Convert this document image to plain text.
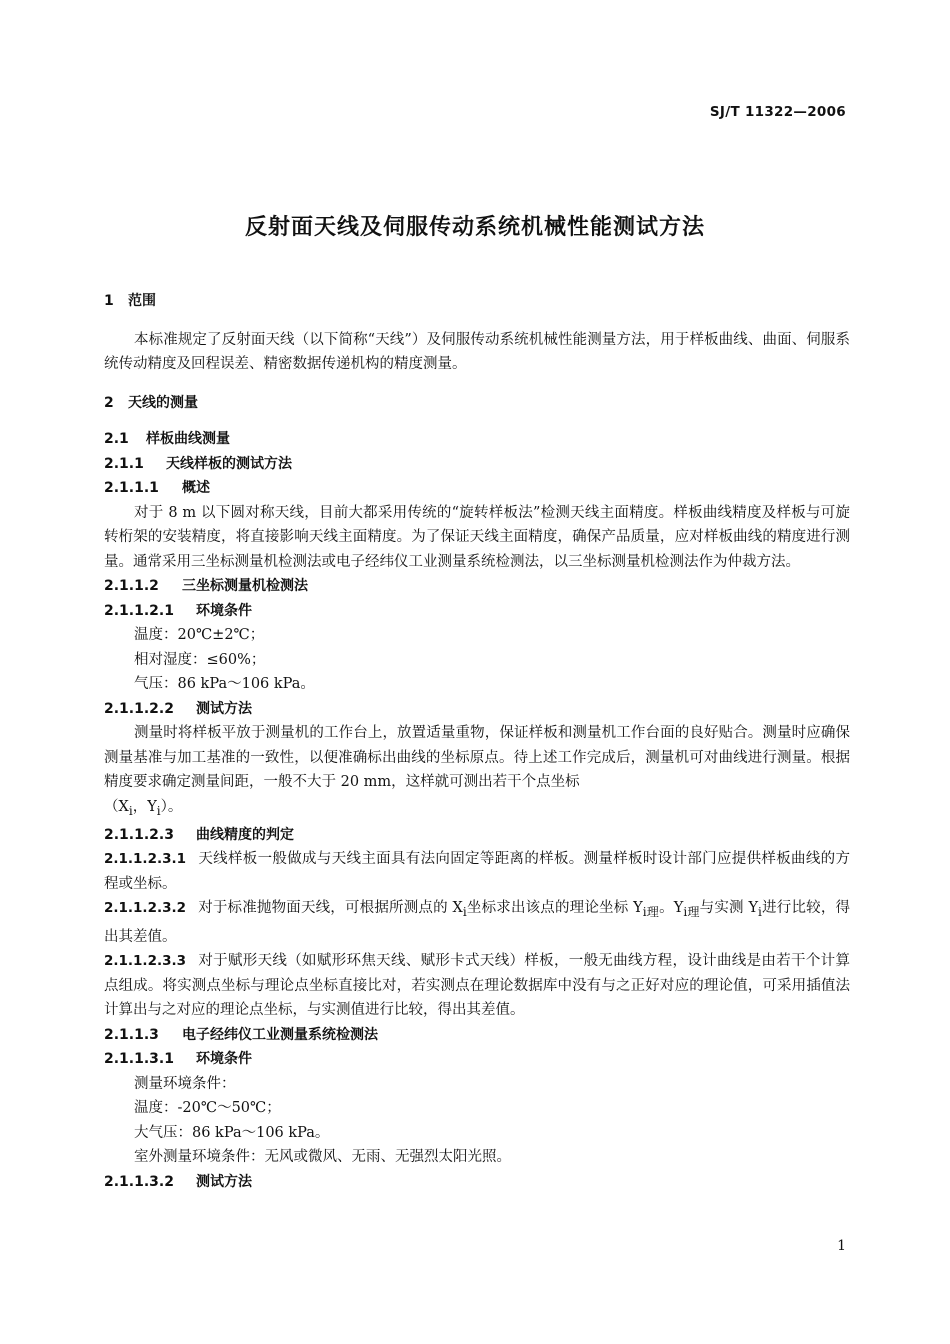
SJ/T 11322—2006
反射面天线及伺服传动系统机械性能测试方法

1 范围

本标准规定了反射面天线（以下简称“天线”）及伺服传动系统机械性能测量方法，用于样板曲线、曲面、伺服系统传动精度及回程误差、精密数据传递机构的精度测量。

2 天线的测量

2.1 样板曲线测量

2.1.1 天线样板的测试方法

2.1.1.1 概述

对于 8 m 以下圆对称天线，目前大都采用传统的“旋转样板法”检测天线主面精度。样板曲线精度及样板与可旋转桁架的安装精度，将直接影响天线主面精度。为了保证天线主面精度，确保产品质量，应对样板曲线的精度进行测量。通常采用三坐标测量机检测法或电子经纬仪工业测量系统检测法，以三坐标测量机检测法作为仲裁方法。

2.1.1.2 三坐标测量机检测法

2.1.1.2.1 环境条件

温度：20℃±2℃；

相对湿度：≤60%；

气压：86 kPa～106 kPa。

2.1.1.2.2 测试方法

测量时将样板平放于测量机的工作台上，放置适量重物，保证样板和测量机工作台面的良好贴合。测量时应确保测量基准与加工基准的一致性，以便准确标出曲线的坐标原点。待上述工作完成后，测量机可对曲线进行测量。根据精度要求确定测量间距，一般不大于 20 mm，这样就可测出若干个点坐标

（$X_i$，$Y_i$）。

2.1.1.2.3 曲线精度的判定

2.1.1.2.3.1 天线样板一般做成与天线主面具有法向固定等距离的样板。测量样板时设计部门应提供样板曲线的方程或坐标。

2.1.1.2.3.2 对于标准抛物面天线，可根据所测点的 $X_i$坐标求出该点的理论坐标 $Y_{i理}$。$Y_{i理}$与实测 $Y_i$进行比较，得出其差值。

2.1.1.2.3.3 对于赋形天线（如赋形环焦天线、赋形卡式天线）样板，一般无曲线方程，设计曲线是由若干个计算点组成。将实测点坐标与理论点坐标直接比对，若实测点在理论数据库中没有与之正好对应的理论值，可采用插值法计算出与之对应的理论点坐标，与实测值进行比较，得出其差值。

2.1.1.3 电子经纬仪工业测量系统检测法

2.1.1.3.1 环境条件

测量环境条件：

温度：-20℃～50℃；

大气压：86 kPa～106 kPa。

室外测量环境条件：无风或微风、无雨、无强烈太阳光照。

2.1.1.3.2 测试方法

1
